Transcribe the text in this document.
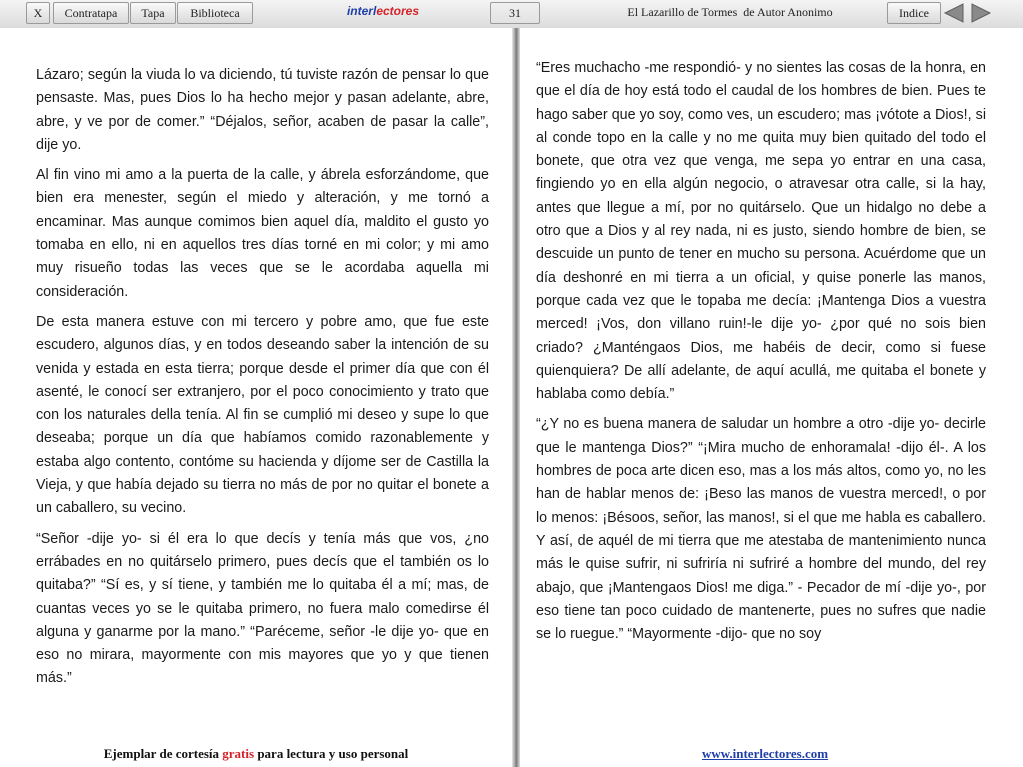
X	Contratapa	Tapa	Biblioteca	interlectores	31	El Lazarillo de Tormes  de Autor Anonimo	Indice

Lázaro; según la viuda lo va diciendo, tú tuviste razón de pensar lo que pensaste. Mas, pues Dios lo ha hecho mejor y pasan adelante, abre, abre, y ve por de comer.” “Déjalos, señor, acaben de pasar la calle”, dije yo.

Al fin vino mi amo a la puerta de la calle, y ábrela esforzándome, que bien era menester, según el miedo y alteración, y me tornó a encaminar. Mas aunque comimos bien aquel día, maldito el gusto yo tomaba en ello, ni en aquellos tres días torné en mi color; y mi amo muy risueño todas las veces que se le acordaba aquella mi consideración.

De esta manera estuve con mi tercero y pobre amo, que fue este escudero, algunos días, y en todos deseando saber la intención de su venida y estada en esta tierra; porque desde el primer día que con él asenté, le conocí ser extranjero, por el poco conocimiento y trato que con los naturales della tenía. Al fin se cumplió mi deseo y supe lo que deseaba; porque un día que habíamos comido razonablemente y estaba algo contento, contóme su hacienda y díjome ser de Castilla la Vieja, y que había dejado su tierra no más de por no quitar el bonete a un caballero, su vecino.

“Señor -dije yo- si él era lo que decís y tenía más que vos, ¿no errábades en no quitárselo primero, pues decís que el también os lo quitaba?” “Sí es, y sí tiene, y también me lo quitaba él a mí; mas, de cuantas veces yo se le quitaba primero, no fuera malo comedirse él alguna y ganarme por la mano.” “Paréceme, señor -le dije yo- que en eso no mirara, mayormente con mis mayores que yo y que tienen más.”

Ejemplar de cortesía gratis para lectura y uso personal

“Eres muchacho -me respondió- y no sientes las cosas de la honra, en que el día de hoy está todo el caudal de los hombres de bien. Pues te hago saber que yo soy, como ves, un escudero; mas ¡vótote a Dios!, si al conde topo en la calle y no me quita muy bien quitado del todo el bonete, que otra vez que venga, me sepa yo entrar en una casa, fingiendo yo en ella algún negocio, o atravesar otra calle, si la hay, antes que llegue a mí, por no quitárselo. Que un hidalgo no debe a otro que a Dios y al rey nada, ni es justo, siendo hombre de bien, se descuide un punto de tener en mucho su persona. Acuérdome que un día deshonré en mi tierra a un oficial, y quise ponerle las manos, porque cada vez que le topaba me decía: ¡Mantenga Dios a vuestra merced! ¡Vos, don villano ruin!-le dije yo- ¿por qué no sois bien criado? ¿Manténgaos Dios, me habéis de decir, como si fuese quienquiera? De allí adelante, de aquí acullá, me quitaba el bonete y hablaba como debía.”

“¿Y no es buena manera de saludar un hombre a otro -dije yo- decirle que le mantenga Dios?” “¡Mira mucho de enhoramala! -dijo él-. A los hombres de poca arte dicen eso, mas a los más altos, como yo, no les han de hablar menos de: ¡Beso las manos de vuestra merced!, o por lo menos: ¡Bésoos, señor, las manos!, si el que me habla es caballero. Y así, de aquél de mi tierra que me atestaba de mantenimiento nunca más le quise sufrir, ni sufriría ni sufriré a hombre del mundo, del rey abajo, que ¡Mantengaos Dios! me diga.” - Pecador de mí -dije yo-, por eso tiene tan poco cuidado de mantenerte, pues no sufres que nadie se lo ruegue.” “Mayormente -dijo- que no soy

www.interlectores.com
